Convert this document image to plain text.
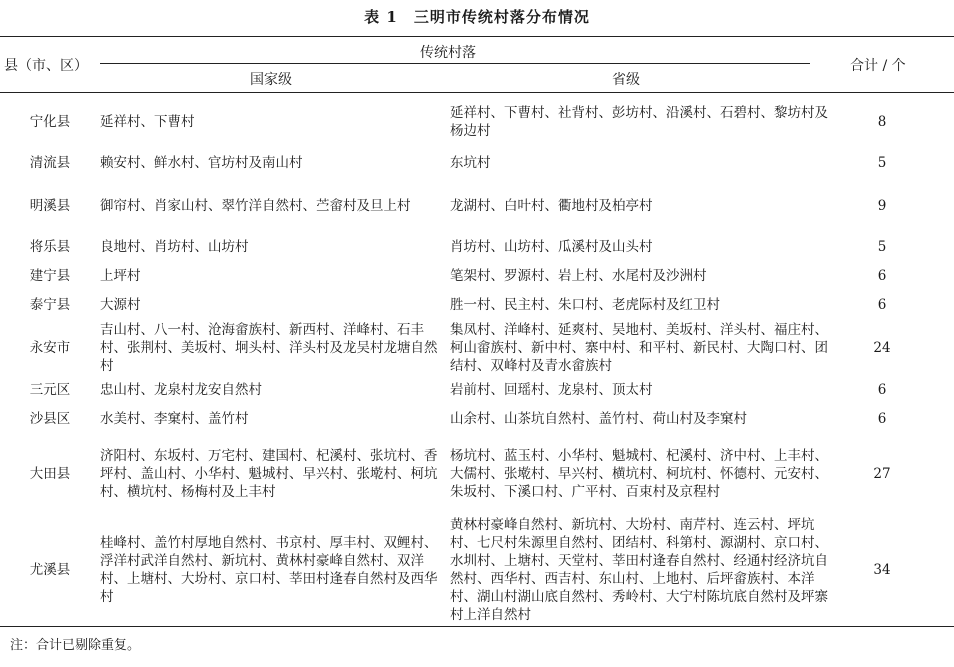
表 1　三明市传统村落分布情况
县（市、区）
传统村落
国家级	省级
合计 / 个
宁化县 延祥村、下曹村
延祥村、下曹村、社背村、彭坊村、沿溪村、石碧村、黎坊村及杨边村
8
清流县 赖安村、鲜水村、官坊村及南山村	东坑村	5
明溪县 御帘村、肖家山村、翠竹洋自然村、苎畲村及旦上村	龙湖村、白叶村、衢地村及柏亭村	9
将乐县 良地村、肖坊村、山坊村	肖坊村、山坊村、瓜溪村及山头村	5
建宁县 上坪村	笔架村、罗源村、岩上村、水尾村及沙洲村	6
泰宁县 大源村	胜一村、民主村、朱口村、老虎际村及红卫村	6
永安市
吉山村、八一村、沧海畲族村、新西村、洋峰村、石丰村、张荆村、美坂村、坰头村、洋头村及龙吴村龙塘自然村
集凤村、洋峰村、延爽村、吴地村、美坂村、洋头村、福庄村、柯山畲族村、新中村、寨中村、和平村、新民村、大陶口村、团结村、双峰村及青水畲族村
24
三元区 忠山村、龙泉村龙安自然村	岩前村、回瑶村、龙泉村、顶太村	6
沙县区 水美村、李窠村、盖竹村	山余村、山茶坑自然村、盖竹村、荷山村及李窠村	6
大田县
济阳村、东坂村、万宅村、建国村、杞溪村、张坑村、香坪村、盖山村、小华村、魁城村、早兴村、张墘村、柯坑村、横坑村、杨梅村及上丰村
杨坑村、蓝玉村、小华村、魁城村、杞溪村、济中村、上丰村、大儒村、张墘村、早兴村、横坑村、柯坑村、怀德村、元安村、朱坂村、下溪口村、广平村、百束村及京程村
27
尤溪县
桂峰村、盖竹村厚地自然村、书京村、厚丰村、双鲤村、浮洋村武洋自然村、新坑村、黄林村豪峰自然村、双洋村、上塘村、大坋村、京口村、莘田村逢春自然村及西华村
黄林村豪峰自然村、新坑村、大坋村、南芹村、连云村、坪坑村、七尺村朱源里自然村、团结村、科第村、源湖村、京口村、水圳村、上塘村、天堂村、莘田村逢春自然村、经通村经济坑自然村、西华村、西吉村、东山村、上地村、后坪畲族村、本洋村、湖山村湖山底自然村、秀岭村、大宁村陈坑底自然村及坪寨村上洋自然村
34
注：合计已剔除重复。
